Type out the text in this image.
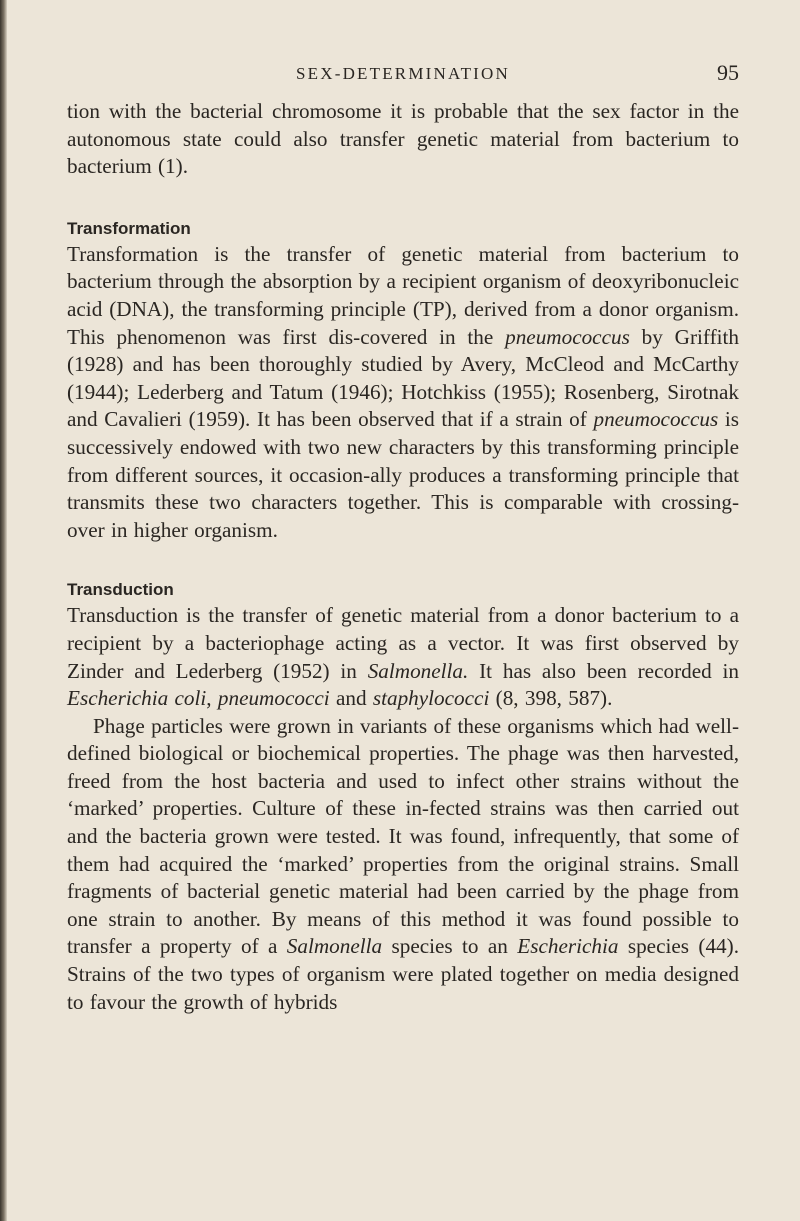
SEX-DETERMINATION	95

tion with the bacterial chromosome it is probable that the sex factor in the autonomous state could also transfer genetic material from bacterium to bacterium (1).

Transformation

Transformation is the transfer of genetic material from bacterium to bacterium through the absorption by a recipient organism of deoxyribonucleic acid (DNA), the transforming principle (TP), derived from a donor organism. This phenomenon was first dis-covered in the pneumococcus by Griffith (1928) and has been thoroughly studied by Avery, McCleod and McCarthy (1944); Lederberg and Tatum (1946); Hotchkiss (1955); Rosenberg, Sirotnak and Cavalieri (1959). It has been observed that if a strain of pneumococcus is successively endowed with two new characters by this transforming principle from different sources, it occasion-ally produces a transforming principle that transmits these two characters together. This is comparable with crossing-over in higher organism.

Transduction

Transduction is the transfer of genetic material from a donor bacterium to a recipient by a bacteriophage acting as a vector. It was first observed by Zinder and Lederberg (1952) in Salmonella. It has also been recorded in Escherichia coli, pneumococci and staphylococci (8, 398, 587).

Phage particles were grown in variants of these organisms which had well-defined biological or biochemical properties. The phage was then harvested, freed from the host bacteria and used to infect other strains without the ‘marked’ properties. Culture of these in-fected strains was then carried out and the bacteria grown were tested. It was found, infrequently, that some of them had acquired the ‘marked’ properties from the original strains. Small fragments of bacterial genetic material had been carried by the phage from one strain to another. By means of this method it was found possible to transfer a property of a Salmonella species to an Escherichia species (44). Strains of the two types of organism were plated together on media designed to favour the growth of hybrids
